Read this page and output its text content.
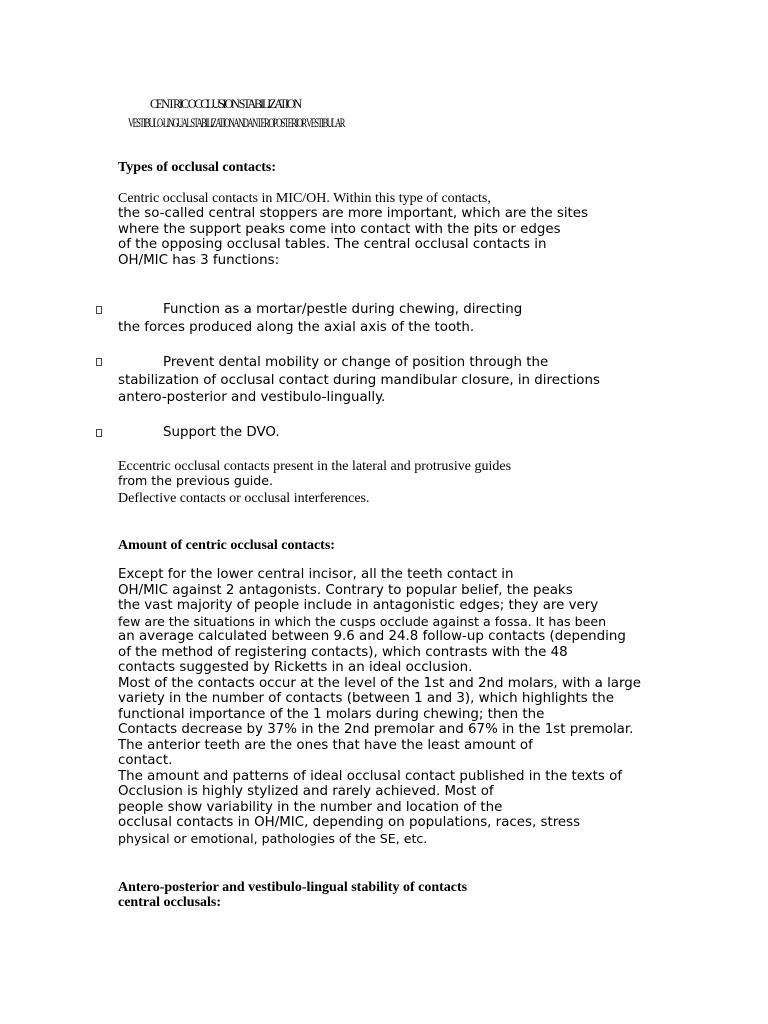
CENTRIC OCCLUSION STABILIZATION
VESTIBULO-LINGUAL STABILIZATION AND ANTEROPOSTERIOR VESTIBULAR
Types of occlusal contacts:
Centric occlusal contacts in MIC/OH. Within this type of contacts,
the so-called central stoppers are more important, which are the sites
where the support peaks come into contact with the pits or edges
of the opposing occlusal tables. The central occlusal contacts in
OH/MIC has 3 functions:
Function as a mortar/pestle during chewing, directing
the forces produced along the axial axis of the tooth.
Prevent dental mobility or change of position through the
stabilization of occlusal contact during mandibular closure, in directions
antero-posterior and vestibulo-lingually.
Support the DVO.
Eccentric occlusal contacts present in the lateral and protrusive guides
from the previous guide.
Deflective contacts or occlusal interferences.
Amount of centric occlusal contacts:
Except for the lower central incisor, all the teeth contact in
OH/MIC against 2 antagonists. Contrary to popular belief, the peaks
the vast majority of people include in antagonistic edges; they are very
few are the situations in which the cusps occlude against a fossa. It has been
an average calculated between 9.6 and 24.8 follow-up contacts (depending
of the method of registering contacts), which contrasts with the 48
contacts suggested by Ricketts in an ideal occlusion.
Most of the contacts occur at the level of the 1st and 2nd molars, with a large
variety in the number of contacts (between 1 and 3), which highlights the
functional importance of the 1 molars during chewing; then the
Contacts decrease by 37% in the 2nd premolar and 67% in the 1st premolar.
The anterior teeth are the ones that have the least amount of
contact.
The amount and patterns of ideal occlusal contact published in the texts of
Occlusion is highly stylized and rarely achieved. Most of
people show variability in the number and location of the
occlusal contacts in OH/MIC, depending on populations, races, stress
physical or emotional, pathologies of the SE, etc.
Antero-posterior and vestibulo-lingual stability of contacts
central occlusals:
